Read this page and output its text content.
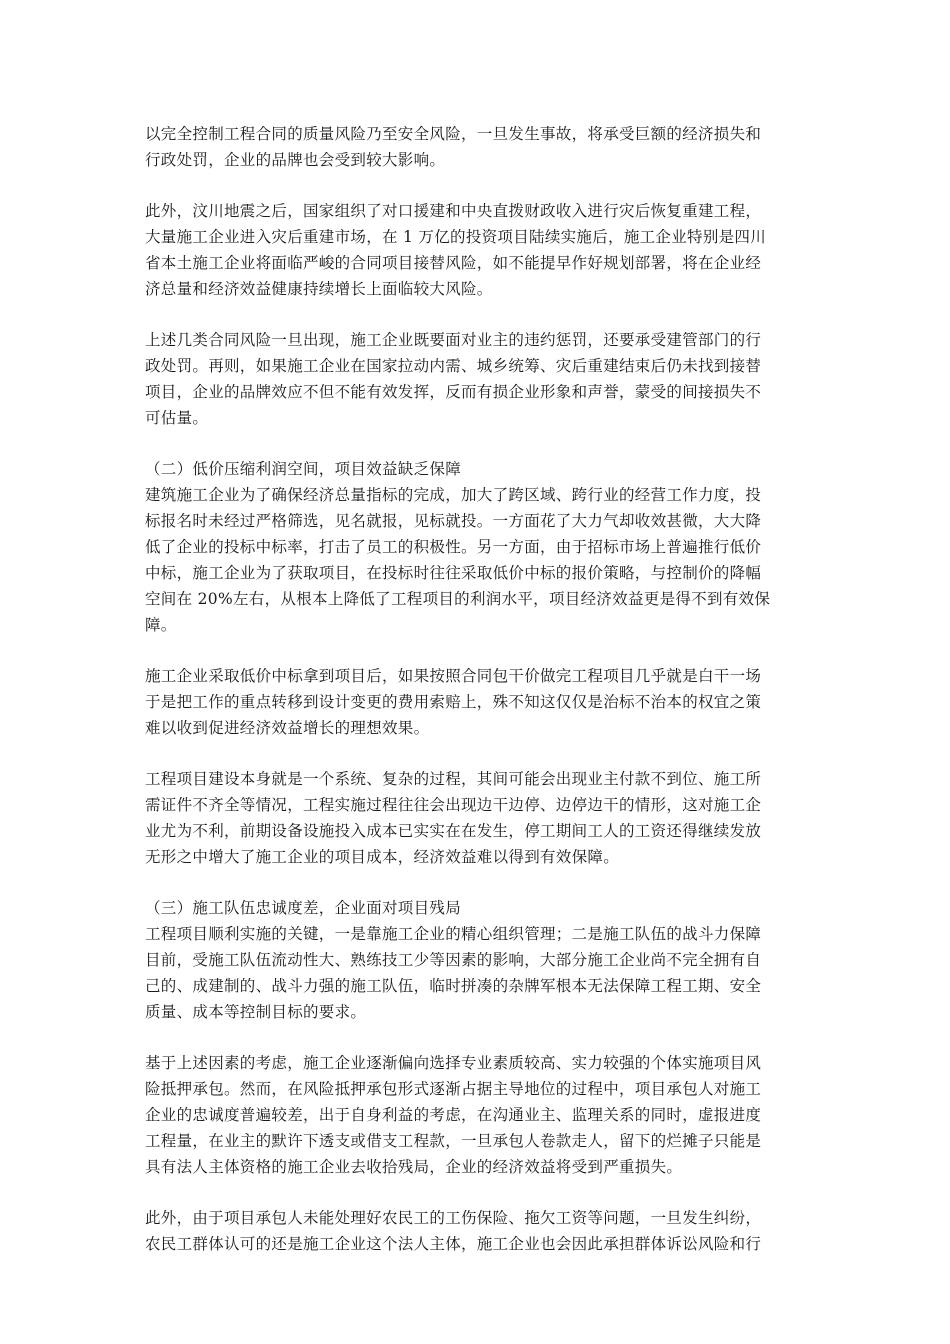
以完全控制工程合同的质量风险乃至安全风险，一旦发生事故，将承受巨额的经济损失和
行政处罚，企业的品牌也会受到较大影响。

此外，汶川地震之后，国家组织了对口援建和中央直拨财政收入进行灾后恢复重建工程，
大量施工企业进入灾后重建市场，在 1 万亿的投资项目陆续实施后，施工企业特别是四川
省本土施工企业将面临严峻的合同项目接替风险，如不能提早作好规划部署，将在企业经
济总量和经济效益健康持续增长上面临较大风险。

上述几类合同风险一旦出现，施工企业既要面对业主的违约惩罚，还要承受建管部门的行
政处罚。再则，如果施工企业在国家拉动内需、城乡统筹、灾后重建结束后仍未找到接替
项目，企业的品牌效应不但不能有效发挥，反而有损企业形象和声誉，蒙受的间接损失不
可估量。

（二）低价压缩利润空间，项目效益缺乏保障

建筑施工企业为了确保经济总量指标的完成，加大了跨区域、跨行业的经营工作力度，投
标报名时未经过严格筛选，见名就报，见标就投。一方面花了大力气却收效甚微，大大降
低了企业的投标中标率，打击了员工的积极性。另一方面，由于招标市场上普遍推行低价
中标，施工企业为了获取项目，在投标时往往采取低价中标的报价策略，与控制价的降幅
空间在 20%左右，从根本上降低了工程项目的利润水平，项目经济效益更是得不到有效保
障。

施工企业采取低价中标拿到项目后，如果按照合同包干价做完工程项目几乎就是白干一场
于是把工作的重点转移到设计变更的费用索赔上，殊不知这仅仅是治标不治本的权宜之策
难以收到促进经济效益增长的理想效果。

工程项目建设本身就是一个系统、复杂的过程，其间可能会出现业主付款不到位、施工所
需证件不齐全等情况，工程实施过程往往会出现边干边停、边停边干的情形，这对施工企
业尤为不利，前期设备设施投入成本已实实在在发生，停工期间工人的工资还得继续发放
无形之中增大了施工企业的项目成本，经济效益难以得到有效保障。

（三）施工队伍忠诚度差，企业面对项目残局

工程项目顺利实施的关键，一是靠施工企业的精心组织管理；二是施工队伍的战斗力保障
目前，受施工队伍流动性大、熟练技工少等因素的影响，大部分施工企业尚不完全拥有自
己的、成建制的、战斗力强的施工队伍，临时拼凑的杂牌军根本无法保障工程工期、安全
质量、成本等控制目标的要求。

基于上述因素的考虑，施工企业逐渐偏向选择专业素质较高、实力较强的个体实施项目风
险抵押承包。然而，在风险抵押承包形式逐渐占据主导地位的过程中，项目承包人对施工
企业的忠诚度普遍较差，出于自身利益的考虑，在沟通业主、监理关系的同时，虚报进度
工程量，在业主的默许下透支或借支工程款，一旦承包人卷款走人，留下的烂摊子只能是
具有法人主体资格的施工企业去收拾残局，企业的经济效益将受到严重损失。

此外，由于项目承包人未能处理好农民工的工伤保险、拖欠工资等问题，一旦发生纠纷，
农民工群体认可的还是施工企业这个法人主体，施工企业也会因此承担群体诉讼风险和行
